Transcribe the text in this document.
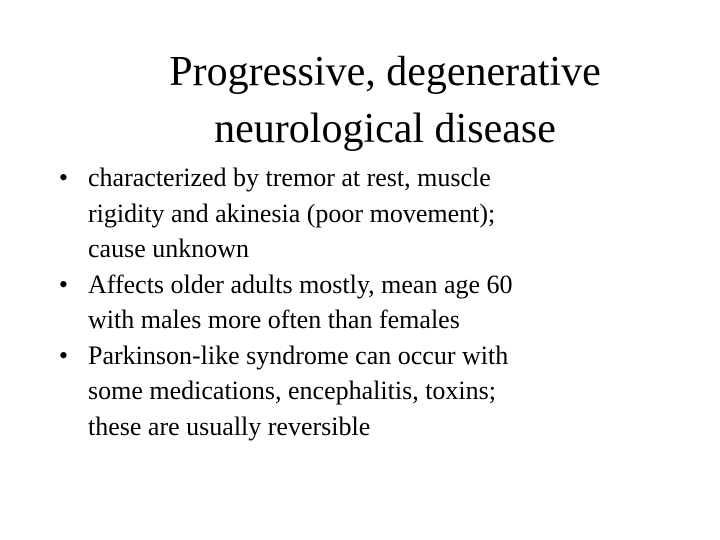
Progressive, degenerative
neurological disease
• characterized by tremor at rest, muscle
rigidity and akinesia (poor movement);
cause unknown
• Affects older adults mostly, mean age 60
with males more often than females
• Parkinson-like syndrome can occur with
some medications, encephalitis, toxins;
these are usually reversible
